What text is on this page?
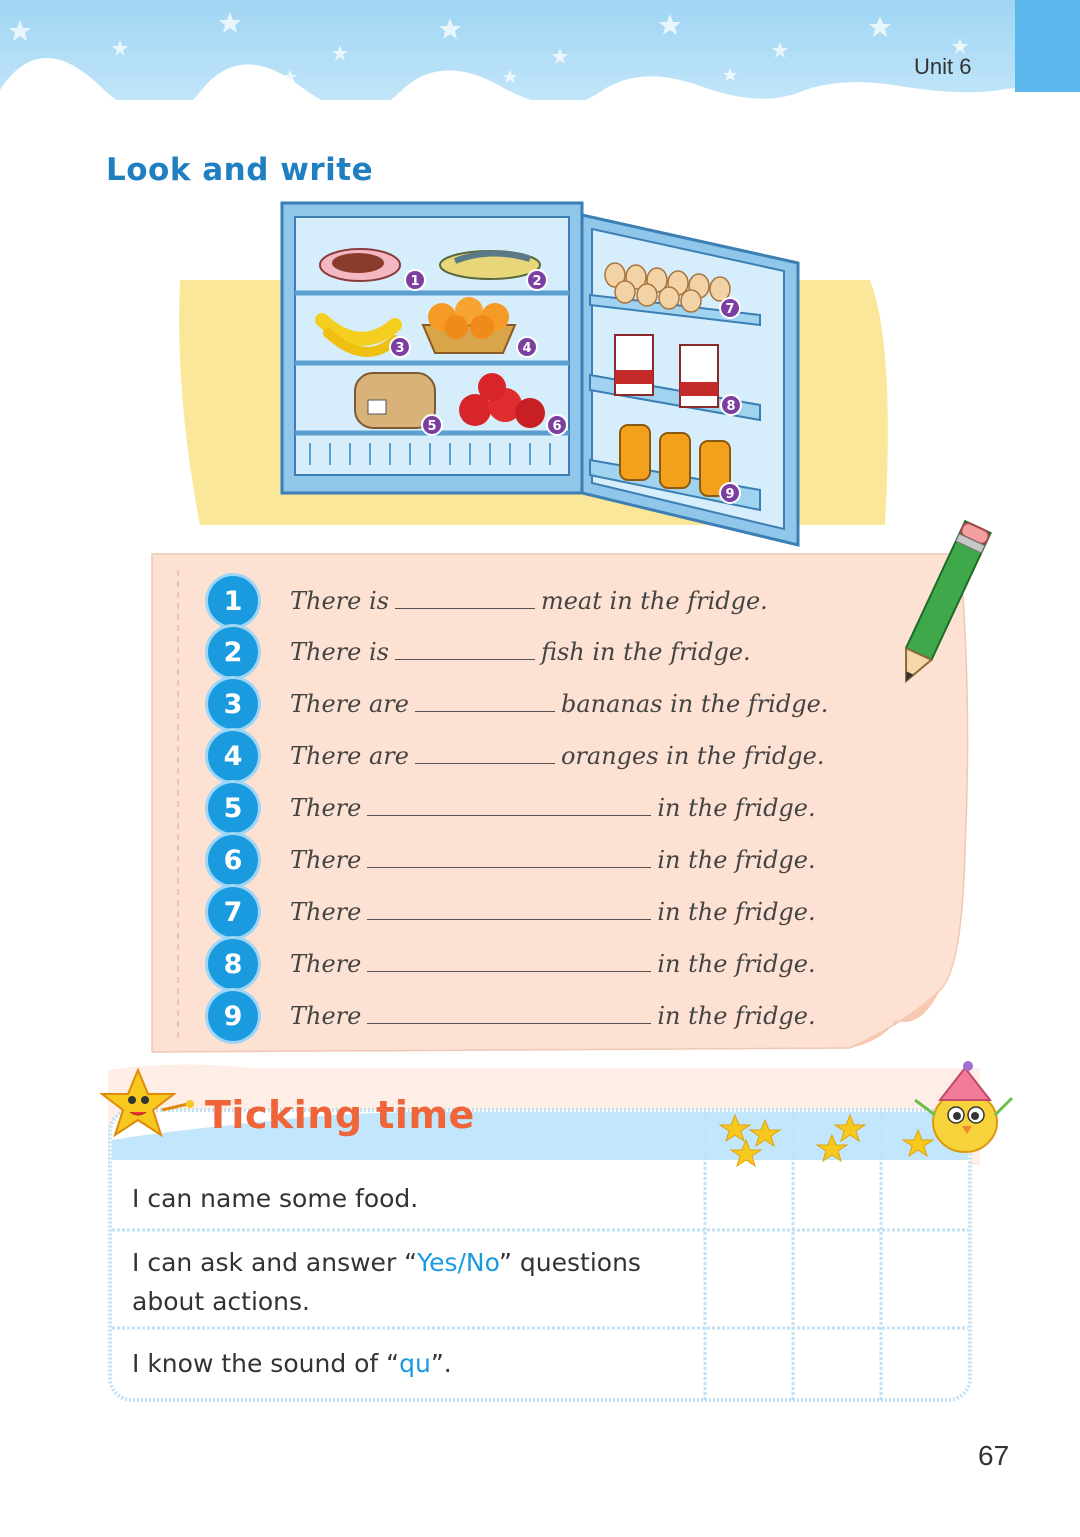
Unit 6
Look and write
1	2
3	4
5	6
7
8
9
1	There is	meat in the fridge.
2	There is	fish in the fridge.
3	There are	bananas in the fridge.
4	There are	oranges in the fridge.
5	There	in the fridge.
6	There	in the fridge.
7	There	in the fridge.
8	There	in the fridge.
9	There	in the fridge.
Ticking time
I can name some food.
I can ask and answer “Yes/No” questions about actions.
I know the sound of “qu”.
67
